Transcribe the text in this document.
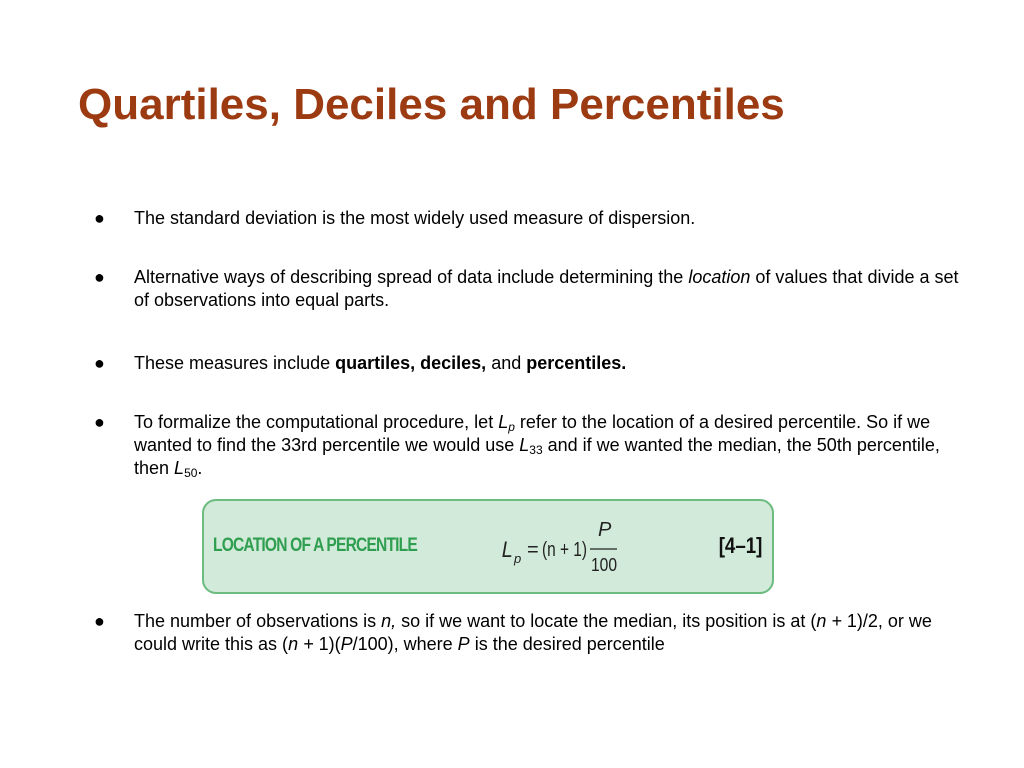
Quartiles, Deciles and Percentiles
● The standard deviation is the most widely used measure of dispersion.
● Alternative ways of describing spread of data include determining the location of values that divide a set of observations into equal parts.
● These measures include quartiles, deciles, and percentiles.
● To formalize the computational procedure, let $L_p$ refer to the location of a desired percentile. So if we wanted to find the 33rd percentile we would use $L_{33}$ and if we wanted the median, the 50th percentile, then $L_{50}$.
LOCATION OF A PERCENTILE	L p = (n + 1)
P
100
[4–1]
● The number of observations is n, so if we want to locate the median, its position is at (n + 1)/2, or we could write this as (n + 1)(P/100), where P is the desired percentile
